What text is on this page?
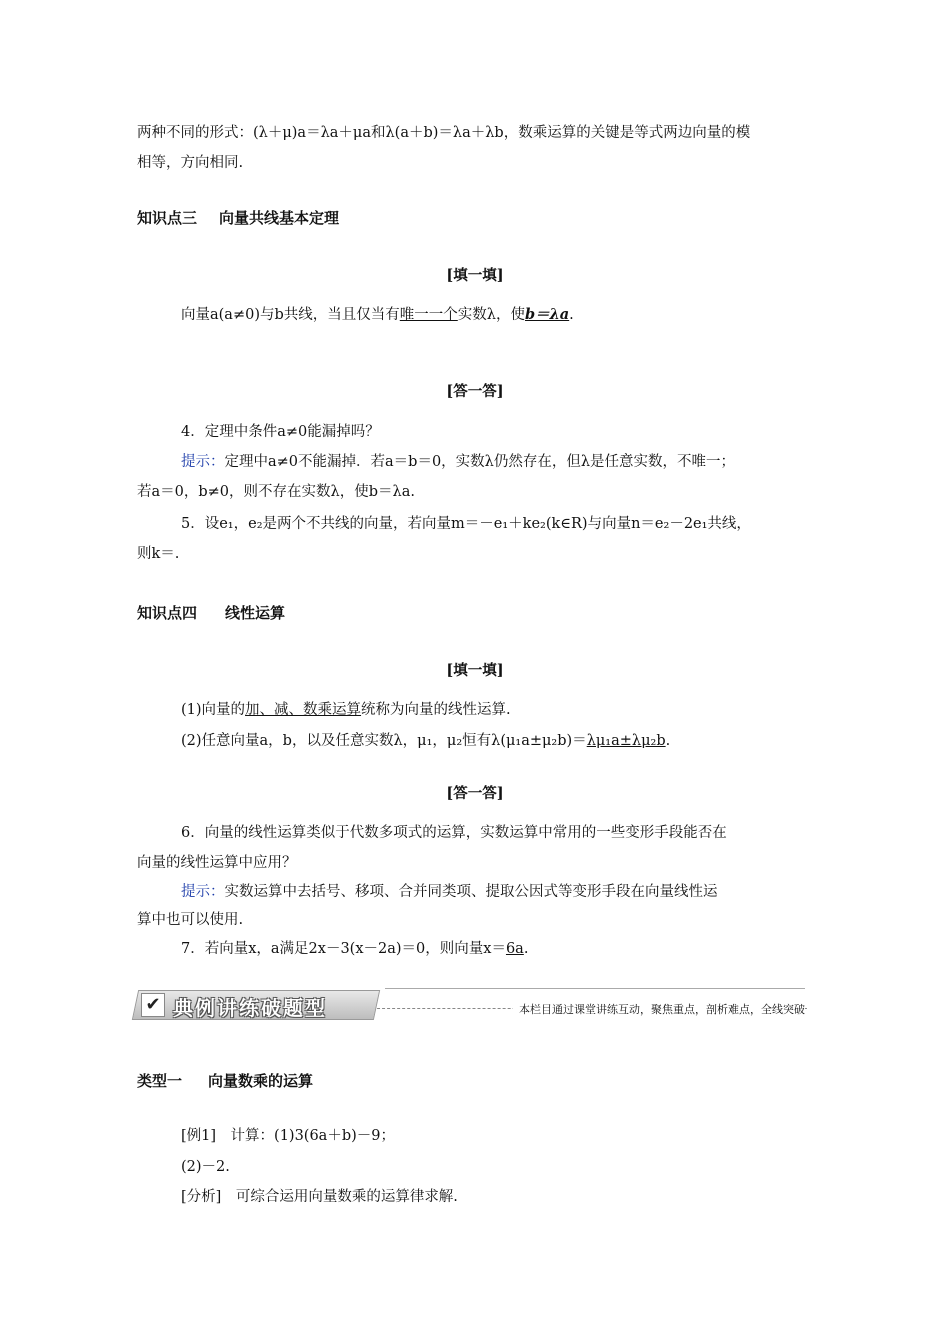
两种不同的形式：(λ＋μ)a＝λa＋μa和λ(a＋b)＝λa＋λb，数乘运算的关键是等式两边向量的模
相等，方向相同.
知识点三 向量共线基本定理
[填一填]
向量a(a≠0)与b共线，当且仅当有唯一一个实数λ，使b＝λa.
[答一答]
4．定理中条件a≠0能漏掉吗？
提示：定理中a≠0不能漏掉．若a＝b＝0，实数λ仍然存在，但λ是任意实数，不唯一；
若a＝0，b≠0，则不存在实数λ，使b＝λa.
5．设e₁，e₂是两个不共线的向量，若向量m＝－e₁＋ke₂(k∈R)与向量n＝e₂－2e₁共线，
则k＝.
知识点四 线性运算
[填一填]
(1)向量的加、减、数乘运算统称为向量的线性运算.
(2)任意向量a，b，以及任意实数λ，μ₁，μ₂恒有λ(μ₁a±μ₂b)＝λμ₁a±λμ₂b.
[答一答]
6．向量的线性运算类似于代数多项式的运算，实数运算中常用的一些变形手段能否在
向量的线性运算中应用？
提示：实数运算中去括号、移项、合并同类项、提取公因式等变形手段在向量线性运
算中也可以使用.
7．若向量x，a满足2x－3(x－2a)＝0，则向量x＝6a.
✔ 典例讲练破题型	本栏目通过课堂讲练互动，聚焦重点，剖析难点，全线突破
类型一 向量数乘的运算
[例1]　计算：(1)3(6a＋b)－9；
(2)－2.
[分析]　可综合运用向量数乘的运算律求解.
